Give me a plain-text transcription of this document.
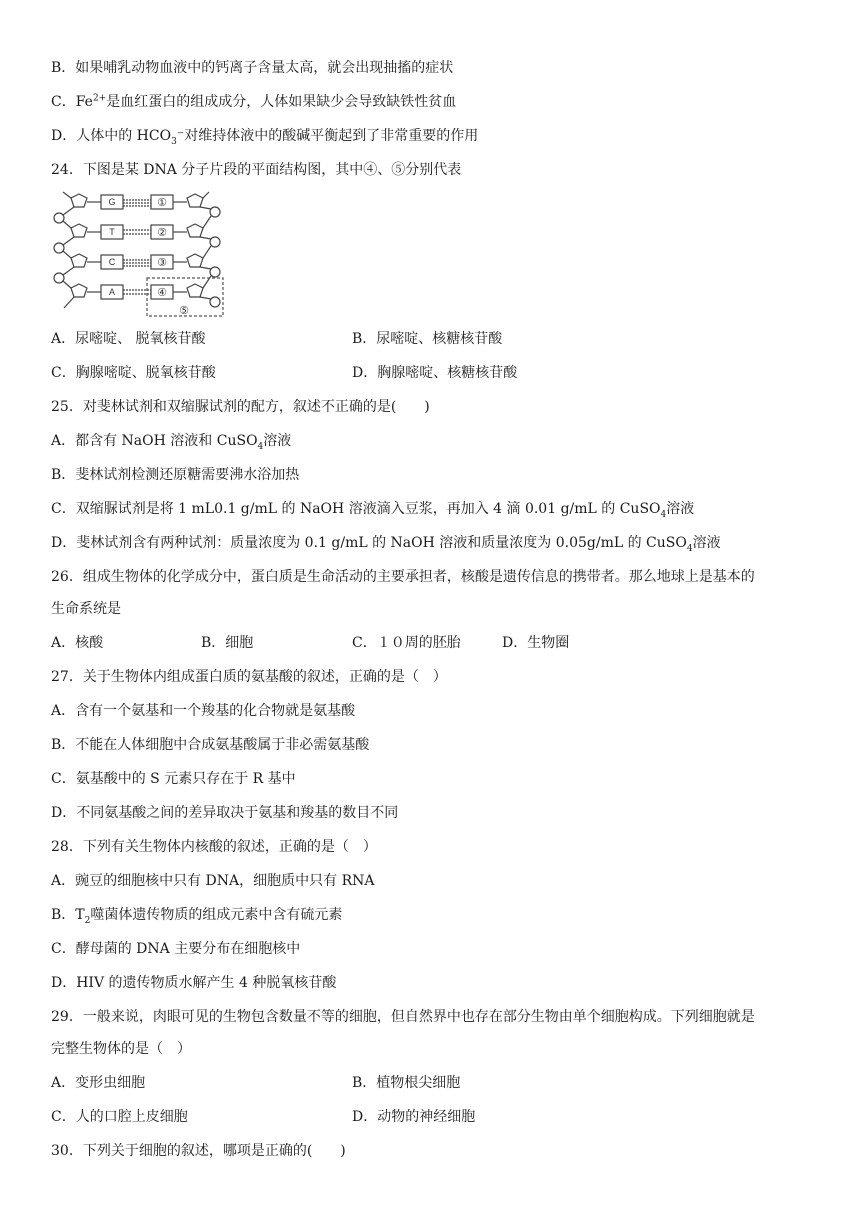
B．如果哺乳动物血液中的钙离子含量太高，就会出现抽搐的症状
C．$Fe^{2+}$是血红蛋白的组成成分，人体如果缺少会导致缺铁性贫血
D．人体中的 $HCO_3^-$对维持体液中的酸碱平衡起到了非常重要的作用
24．下图是某 DNA 分子片段的平面结构图，其中④、⑤分别代表
G
T
C
A
①
②
③
④
⑤
A．尿嘧啶、 脱氧核苷酸	B．尿嘧啶、核糖核苷酸
C．胸腺嘧啶、脱氧核苷酸	D．胸腺嘧啶、核糖核苷酸
25．对斐林试剂和双缩脲试剂的配方，叙述不正确的是(　　)
A．都含有 NaOH 溶液和 CuSO$_4$溶液
B．斐林试剂检测还原糖需要沸水浴加热
C．双缩脲试剂是将 1 mL0.1 g/mL 的 NaOH 溶液滴入豆浆，再加入 4 滴 0.01 g/mL 的 CuSO$_4$溶液
D．斐林试剂含有两种试剂：质量浓度为 0.1 g/mL 的 NaOH 溶液和质量浓度为 0.05g/mL 的 CuSO$_4$溶液
26．组成生物体的化学成分中，蛋白质是生命活动的主要承担者，核酸是遗传信息的携带者。那么地球上是基本的
生命系统是
A．核酸	B．细胞	C．１０周的胚胎	D．生物圈
27．关于生物体内组成蛋白质的氨基酸的叙述，正确的是（　）
A．含有一个氨基和一个羧基的化合物就是氨基酸
B．不能在人体细胞中合成氨基酸属于非必需氨基酸
C．氨基酸中的 S 元素只存在于 R 基中
D．不同氨基酸之间的差异取决于氨基和羧基的数目不同
28．下列有关生物体内核酸的叙述，正确的是（　）
A．豌豆的细胞核中只有 DNA，细胞质中只有 RNA
B．$T_2$噬菌体遗传物质的组成元素中含有硫元素
C．酵母菌的 DNA 主要分布在细胞核中
D．HIV 的遗传物质水解产生 4 种脱氧核苷酸
29．一般来说，肉眼可见的生物包含数量不等的细胞，但自然界中也存在部分生物由单个细胞构成。下列细胞就是
完整生物体的是（　）
A．变形虫细胞	B．植物根尖细胞
C．人的口腔上皮细胞	D．动物的神经细胞
30．下列关于细胞的叙述，哪项是正确的(　　)
